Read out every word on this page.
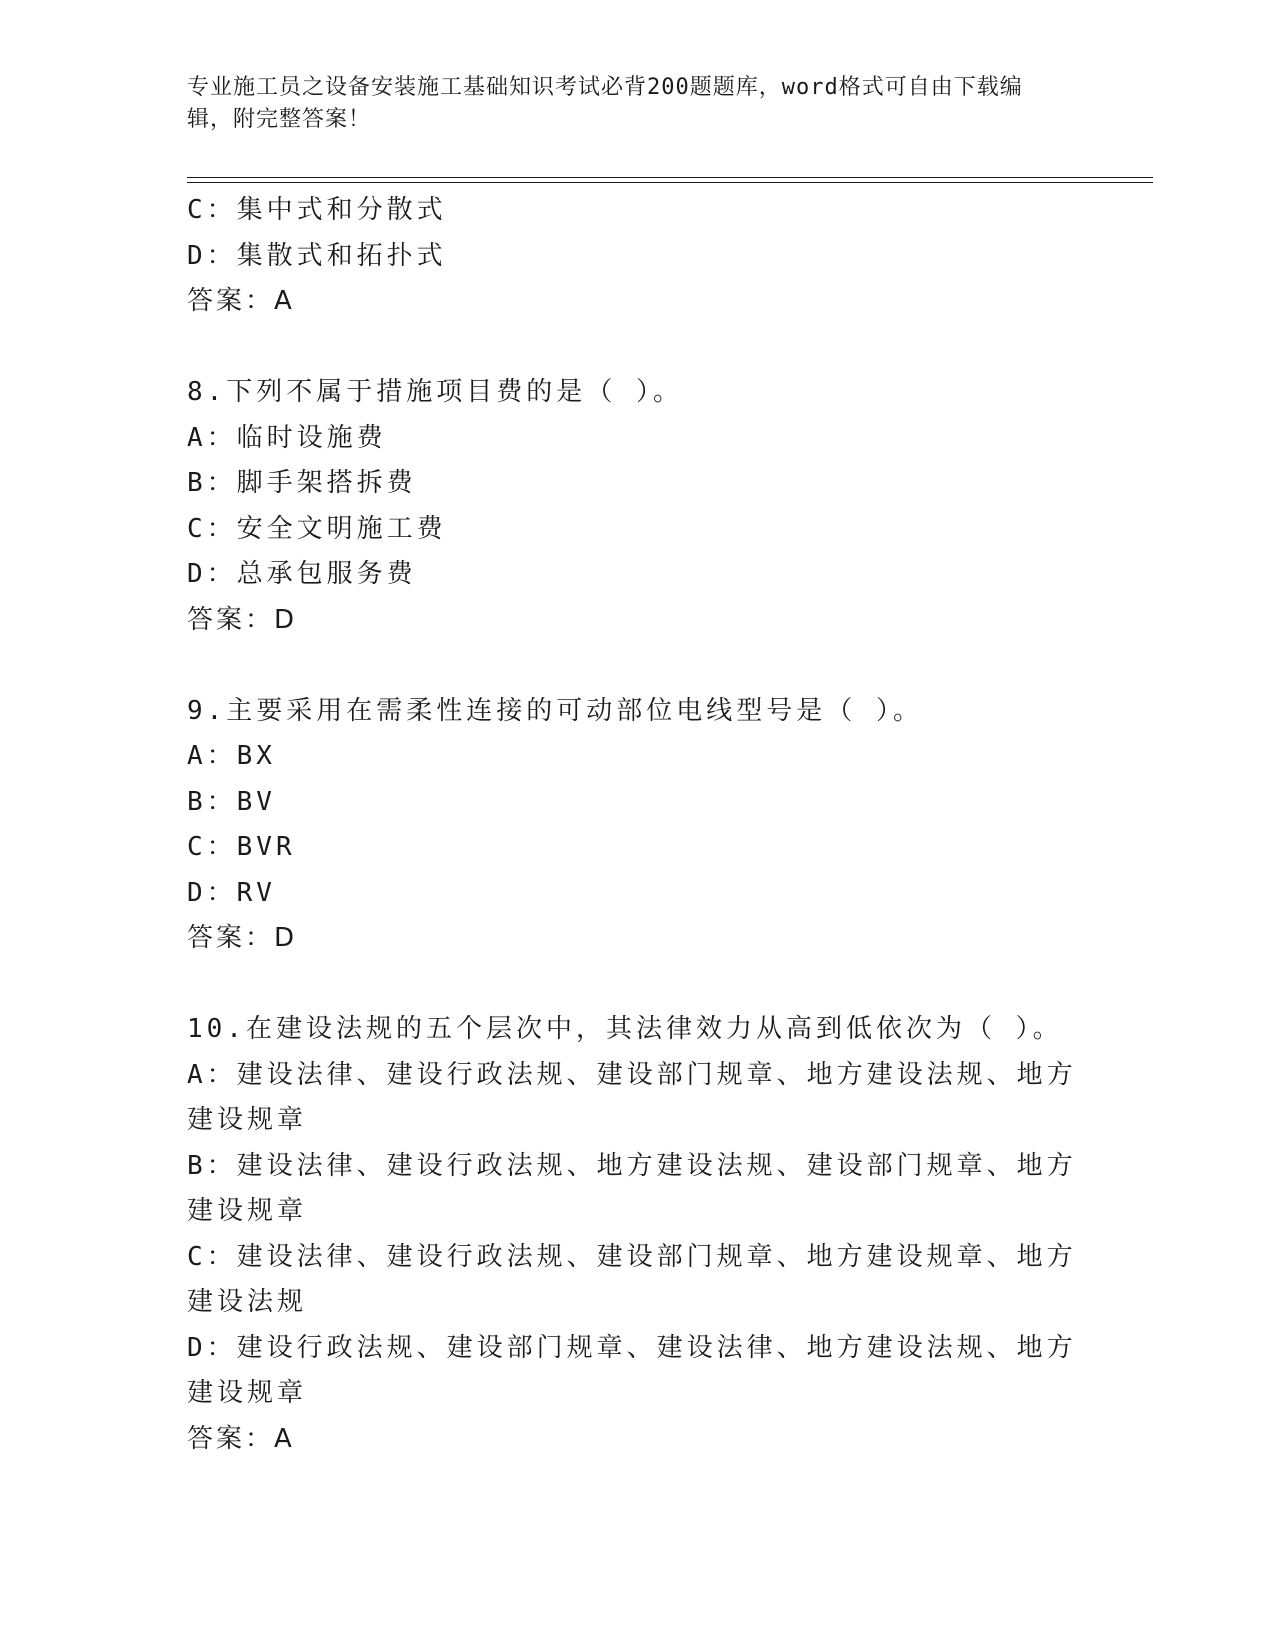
专业施工员之设备安装施工基础知识考试必背200题题库，word格式可自由下载编辑，附完整答案！
C：集中式和分散式
D：集散式和拓扑式
答案：A
8.下列不属于措施项目费的是（ ）。
A：临时设施费
B：脚手架搭拆费
C：安全文明施工费
D：总承包服务费
答案：D
9.主要采用在需柔性连接的可动部位电线型号是（ ）。
A：BX
B：BV
C：BVR
D：RV
答案：D
10.在建设法规的五个层次中，其法律效力从高到低依次为（ ）。
A：建设法律、建设行政法规、建设部门规章、地方建设法规、地方建设规章
B：建设法律、建设行政法规、地方建设法规、建设部门规章、地方建设规章
C：建设法律、建设行政法规、建设部门规章、地方建设规章、地方建设法规
D：建设行政法规、建设部门规章、建设法律、地方建设法规、地方建设规章
答案：A
